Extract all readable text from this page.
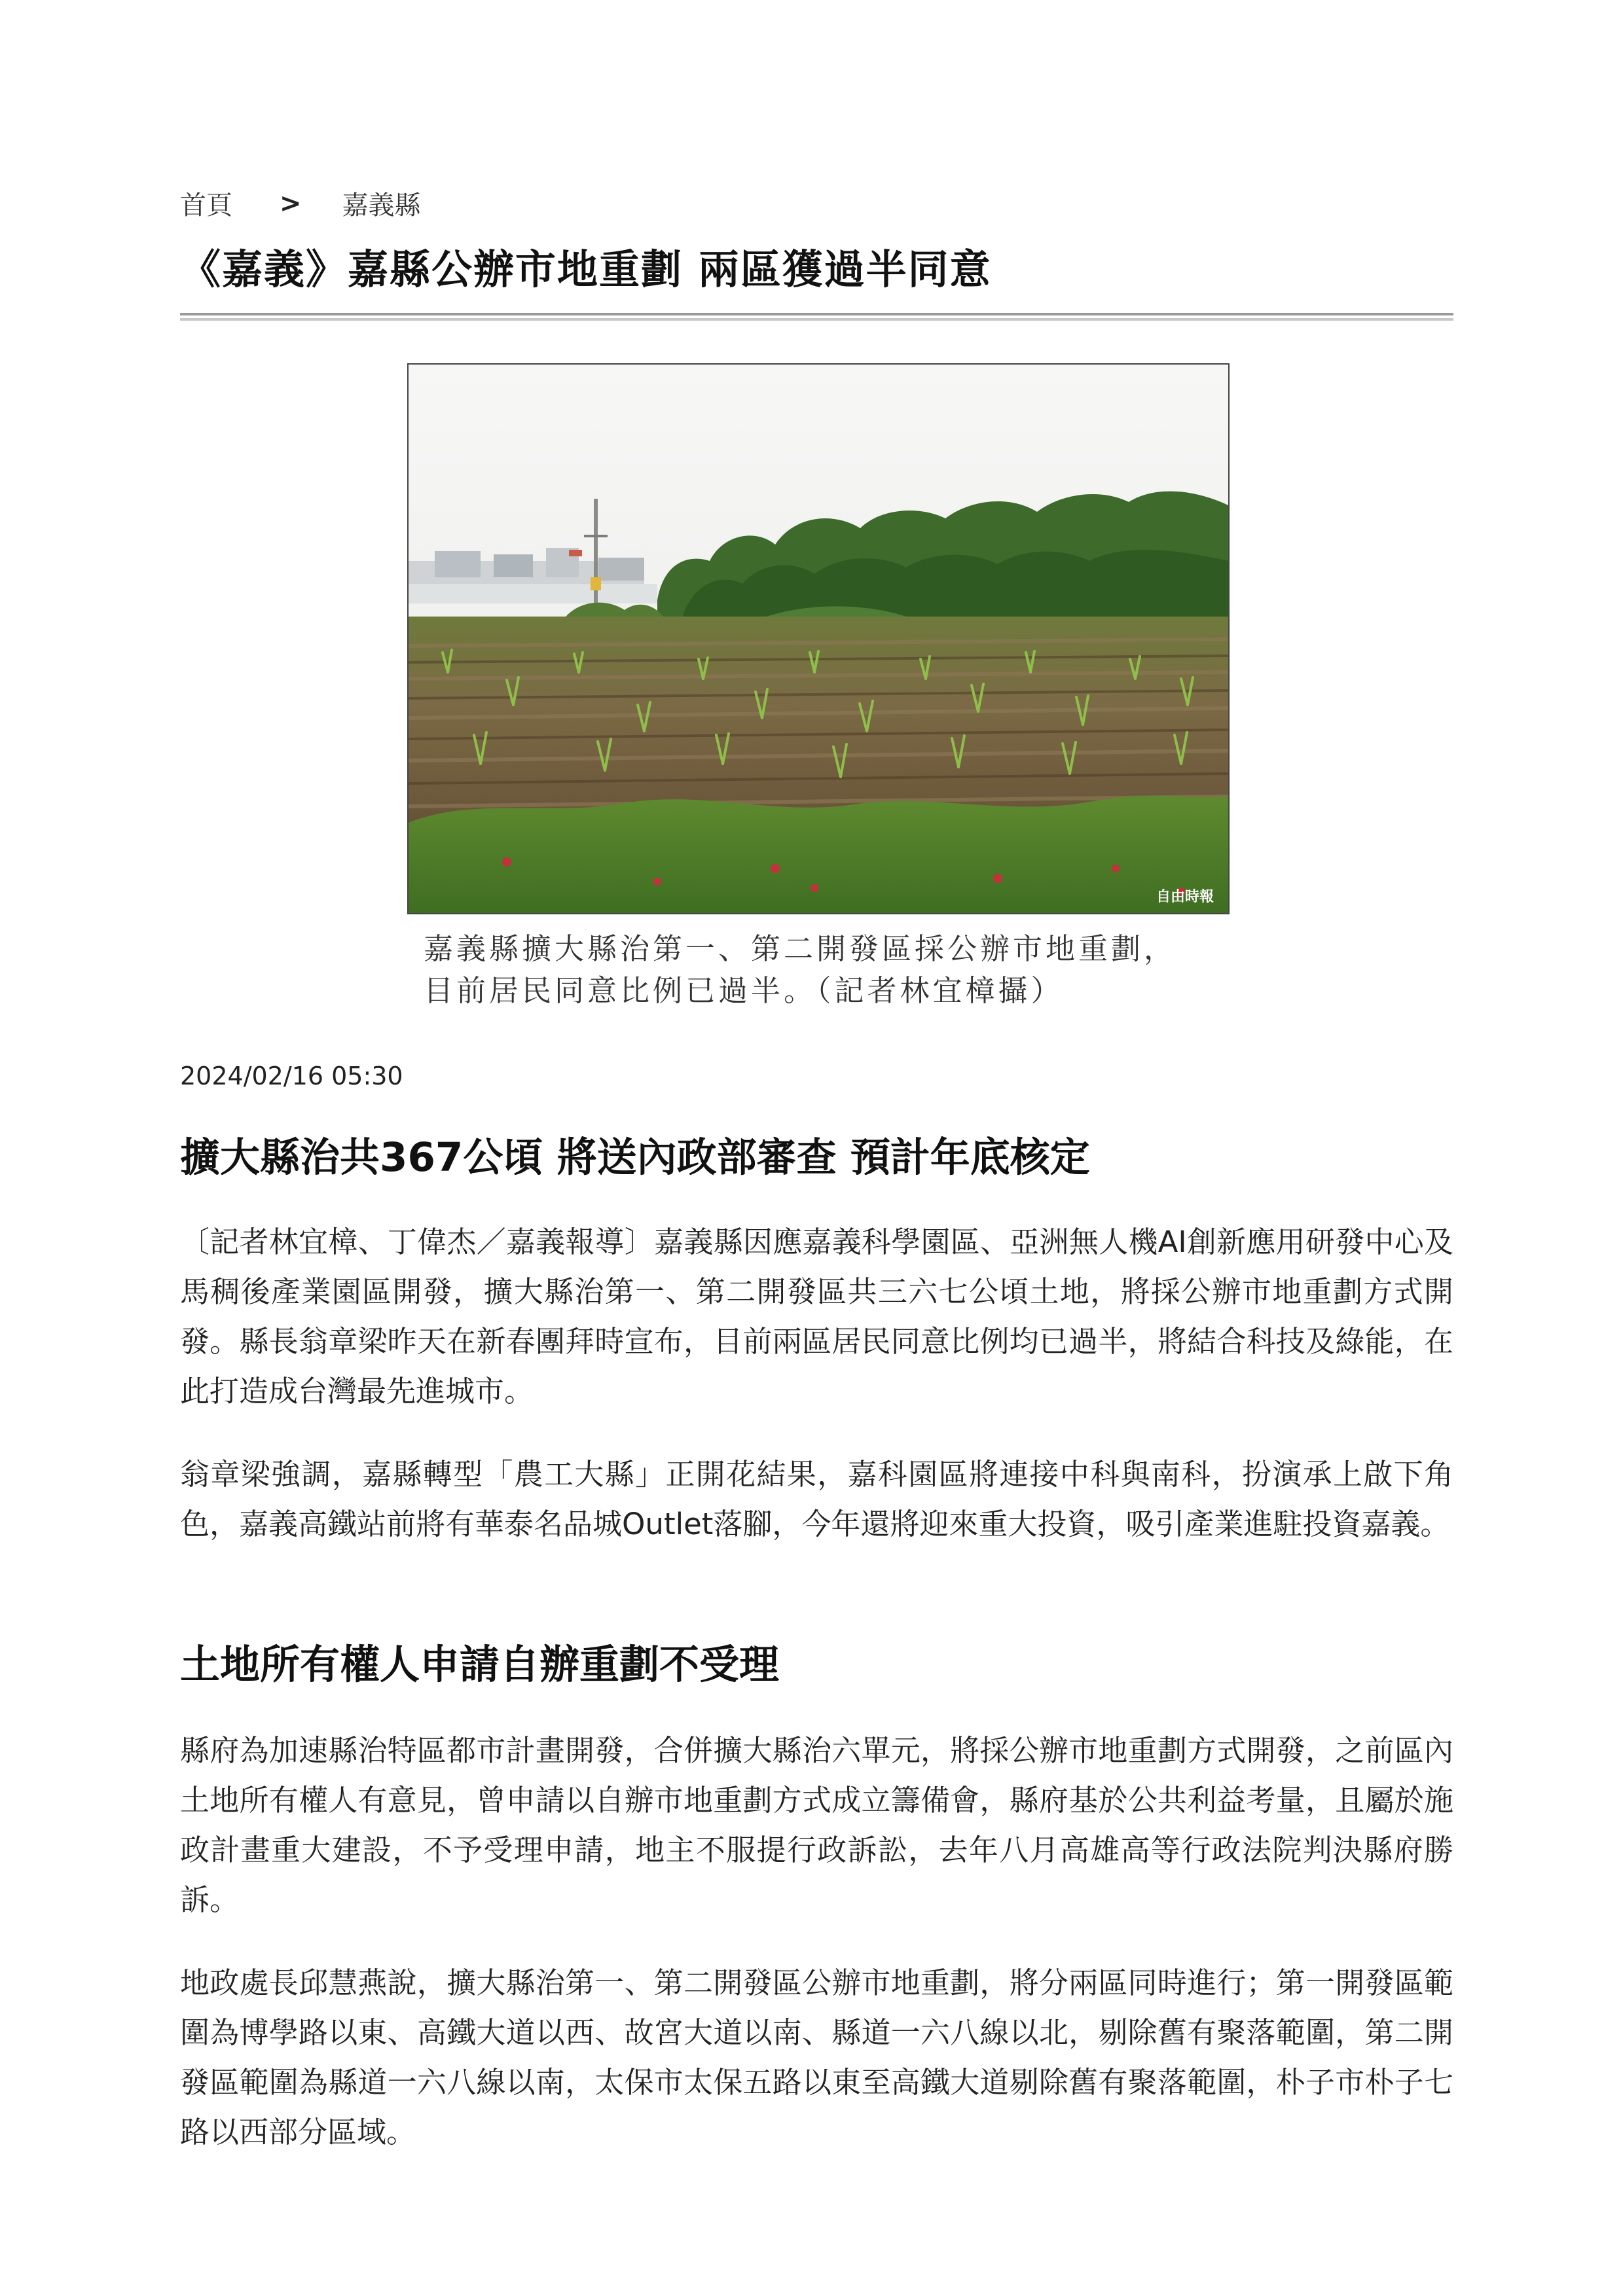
首頁 > 嘉義縣
《嘉義》嘉縣公辦市地重劃 兩區獲過半同意
自由時報

嘉義縣擴大縣治第一、第二開發區採公辦市地重劃，目前居民同意比例已過半。（記者林宜樟攝）

2024/02/16 05:30
擴大縣治共367公頃 將送內政部審查 預計年底核定

〔記者林宜樟、丁偉杰／嘉義報導〕嘉義縣因應嘉義科學園區、亞洲無人機AI創新應用研發中心及馬稠後產業園區開發，擴大縣治第一、第二開發區共三六七公頃土地，將採公辦市地重劃方式開發。縣長翁章梁昨天在新春團拜時宣布，目前兩區居民同意比例均已過半，將結合科技及綠能，在此打造成台灣最先進城市。

翁章梁強調，嘉縣轉型「農工大縣」正開花結果，嘉科園區將連接中科與南科，扮演承上啟下角色，嘉義高鐵站前將有華泰名品城Outlet落腳，今年還將迎來重大投資，吸引產業進駐投資嘉義。

土地所有權人申請自辦重劃不受理

縣府為加速縣治特區都市計畫開發，合併擴大縣治六單元，將採公辦市地重劃方式開發，之前區內土地所有權人有意見，曾申請以自辦市地重劃方式成立籌備會，縣府基於公共利益考量，且屬於施政計畫重大建設，不予受理申請，地主不服提行政訴訟，去年八月高雄高等行政法院判決縣府勝訴。

地政處長邱慧燕說，擴大縣治第一、第二開發區公辦市地重劃，將分兩區同時進行；第一開發區範圍為博學路以東、高鐵大道以西、故宮大道以南、縣道一六八線以北，剔除舊有聚落範圍，第二開發區範圍為縣道一六八線以南，太保市太保五路以東至高鐵大道剔除舊有聚落範圍，朴子市朴子七路以西部分區域。
